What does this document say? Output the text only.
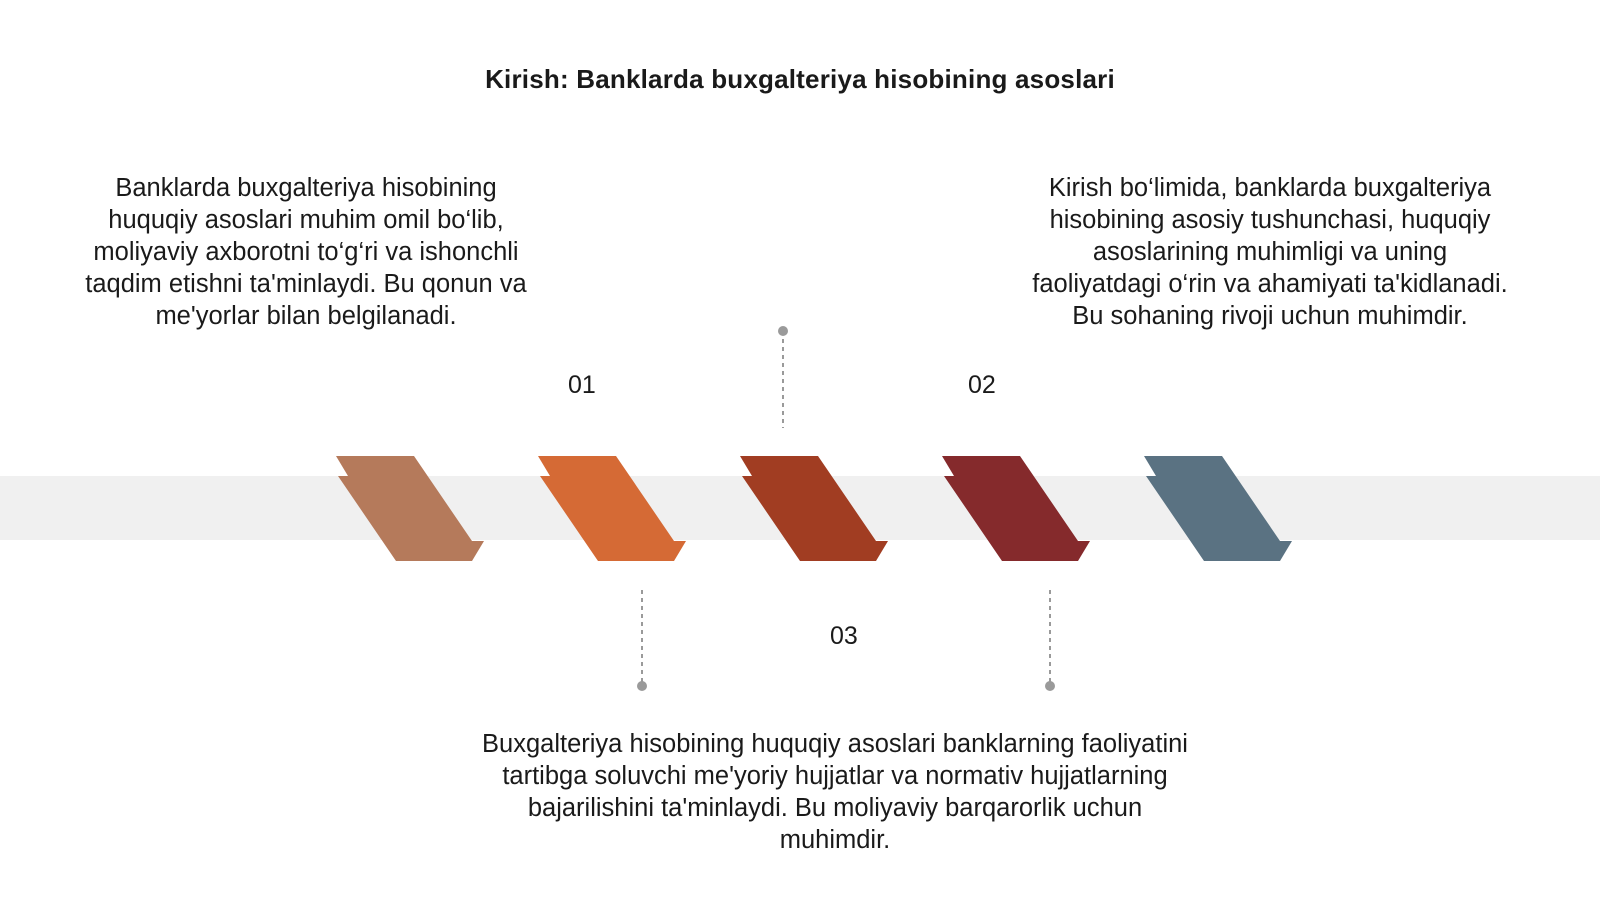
Kirish: Banklarda buxgalteriya hisobining asoslari

Banklarda buxgalteriya hisobining huquqiy asoslari muhim omil bo‘lib, moliyaviy axborotni to‘g‘ri va ishonchli taqdim etishni ta'minlaydi. Bu qonun va me'yorlar bilan belgilanadi.

Kirish bo‘limida, banklarda buxgalteriya hisobining asosiy tushunchasi, huquqiy asoslarining muhimligi va uning faoliyatdagi o‘rin va ahamiyati ta'kidlanadi. Bu sohaning rivoji uchun muhimdir.

Buxgalteriya hisobining huquqiy asoslari banklarning faoliyatini tartibga soluvchi me'yoriy hujjatlar va normativ hujjatlarning bajarilishini ta'minlaydi. Bu moliyaviy barqarorlik uchun muhimdir.

01	02
03
